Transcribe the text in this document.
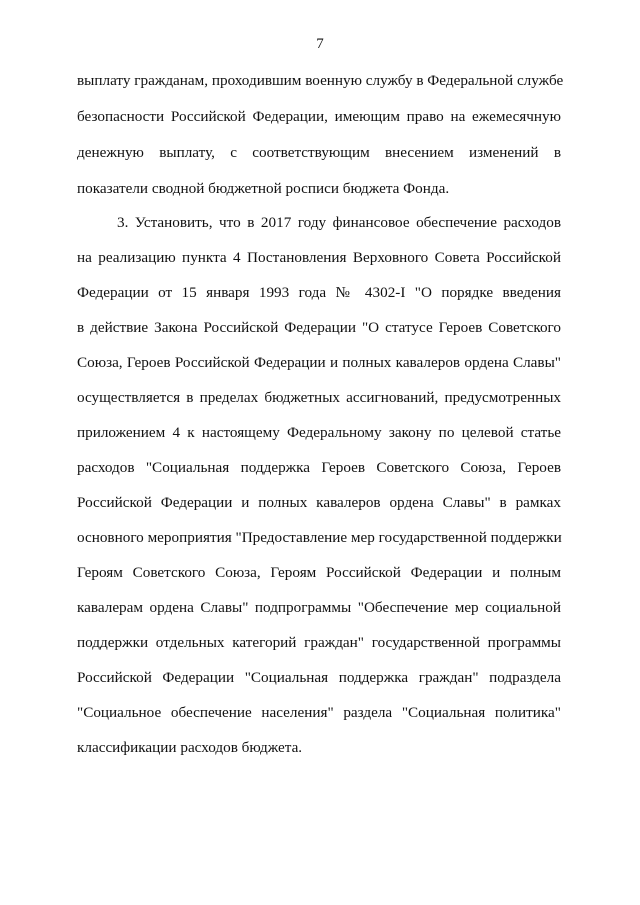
7
выплату гражданам, проходившим военную службу в Федеральной службе
безопасности Российской Федерации, имеющим право на ежемесячную
денежную выплату, с соответствующим внесением изменений в
показатели сводной бюджетной росписи бюджета Фонда.
3. Установить, что в 2017 году финансовое обеспечение расходов
на реализацию пункта 4 Постановления Верховного Совета Российской
Федерации от 15 января 1993 года № 4302-I "О порядке введения
в действие Закона Российской Федерации "О статусе Героев Советского
Союза, Героев Российской Федерации и полных кавалеров ордена Славы"
осуществляется в пределах бюджетных ассигнований, предусмотренных
приложением 4 к настоящему Федеральному закону по целевой статье
расходов "Социальная поддержка Героев Советского Союза, Героев
Российской Федерации и полных кавалеров ордена Славы" в рамках
основного мероприятия "Предоставление мер государственной поддержки
Героям Советского Союза, Героям Российской Федерации и полным
кавалерам ордена Славы" подпрограммы "Обеспечение мер социальной
поддержки отдельных категорий граждан" государственной программы
Российской Федерации "Социальная поддержка граждан" подраздела
"Социальное обеспечение населения" раздела "Социальная политика"
классификации расходов бюджета.
